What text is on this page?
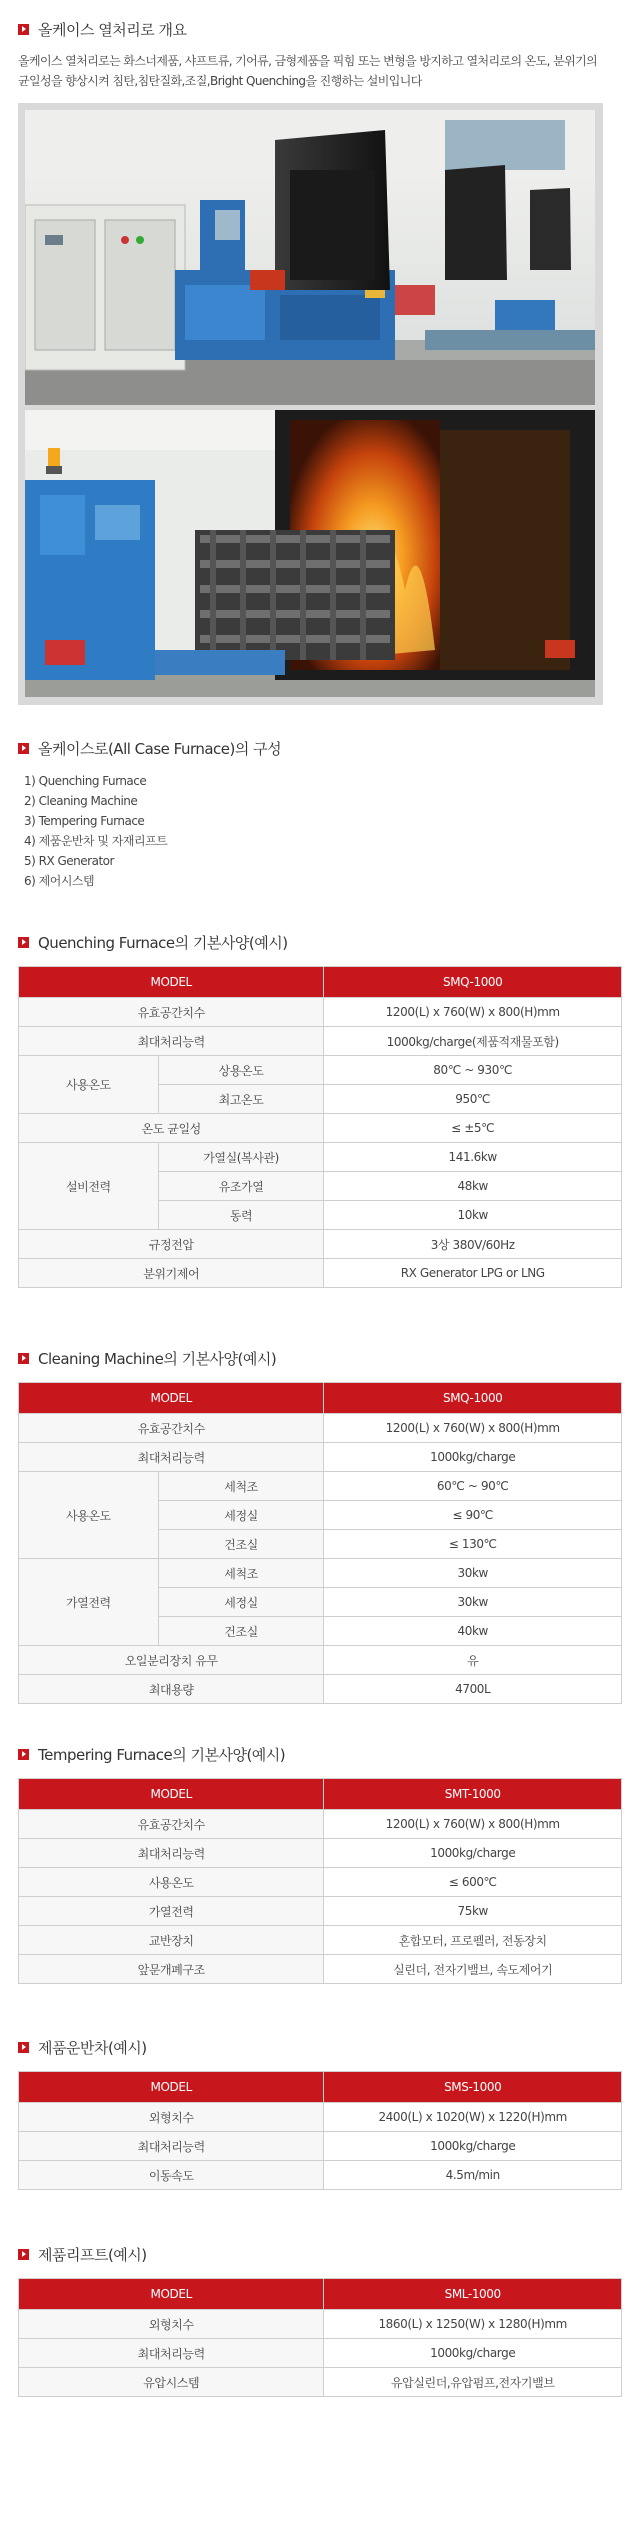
올케이스 열처리로 개요
올케이스 열처리로는 화스너제품, 샤프트류, 기어류, 금형제품을 픽힘 또는 변형을 방지하고 열처리로의 온도, 분위기의
균일성을 향상시켜 침탄,침탄질화,조질,Bright Quenching을 진행하는 설비입니다
올케이스로(All Case Furnace)의 구성
1) Quenching Furnace
2) Cleaning Machine
3) Tempering Furnace
4) 제품운반차 및 자재리프트
5) RX Generator
6) 제어시스템
Quenching Furnace의 기본사양(예시)
MODEL		SMQ-1000
유효공간치수		1200(L) x 760(W) x 800(H)mm
최대처리능력		1000kg/charge(제품적재물포함)
사용온도	상용온도	80℃ ~ 930℃
	최고온도	950℃
온도 균일성		≤ ±5℃
설비전력	가열실(복사관)	141.6kw
	유조가열	48kw
	동력	10kw
규정전압		3상 380V/60Hz
분위기제어		RX Generator LPG or LNG
Cleaning Machine의 기본사양(예시)
MODEL		SMQ-1000
유효공간치수		1200(L) x 760(W) x 800(H)mm
최대처리능력		1000kg/charge
사용온도	세척조	60℃ ~ 90℃
	세정실	≤ 90℃
	건조실	≤ 130℃
가열전력	세척조	30kw
	세정실	30kw
	건조실	40kw
오일분리장치 유무		유
최대용량		4700L
Tempering Furnace의 기본사양(예시)
MODEL	SMT-1000
유효공간치수	1200(L) x 760(W) x 800(H)mm
최대처리능력	1000kg/charge
사용온도	≤ 600℃
가열전력	75kw
교반장치	혼합모터, 프로펠러, 전동장치
앞문개폐구조	실린더, 전자기밸브, 속도제어기
제품운반차(예시)
MODEL	SMS-1000
외형치수	2400(L) x 1020(W) x 1220(H)mm
최대처리능력	1000kg/charge
이동속도	4.5m/min
제품리프트(예시)
MODEL	SML-1000
외형치수	1860(L) x 1250(W) x 1280(H)mm
최대처리능력	1000kg/charge
유압시스템	유압실린더,유압펌프,전자기밸브
